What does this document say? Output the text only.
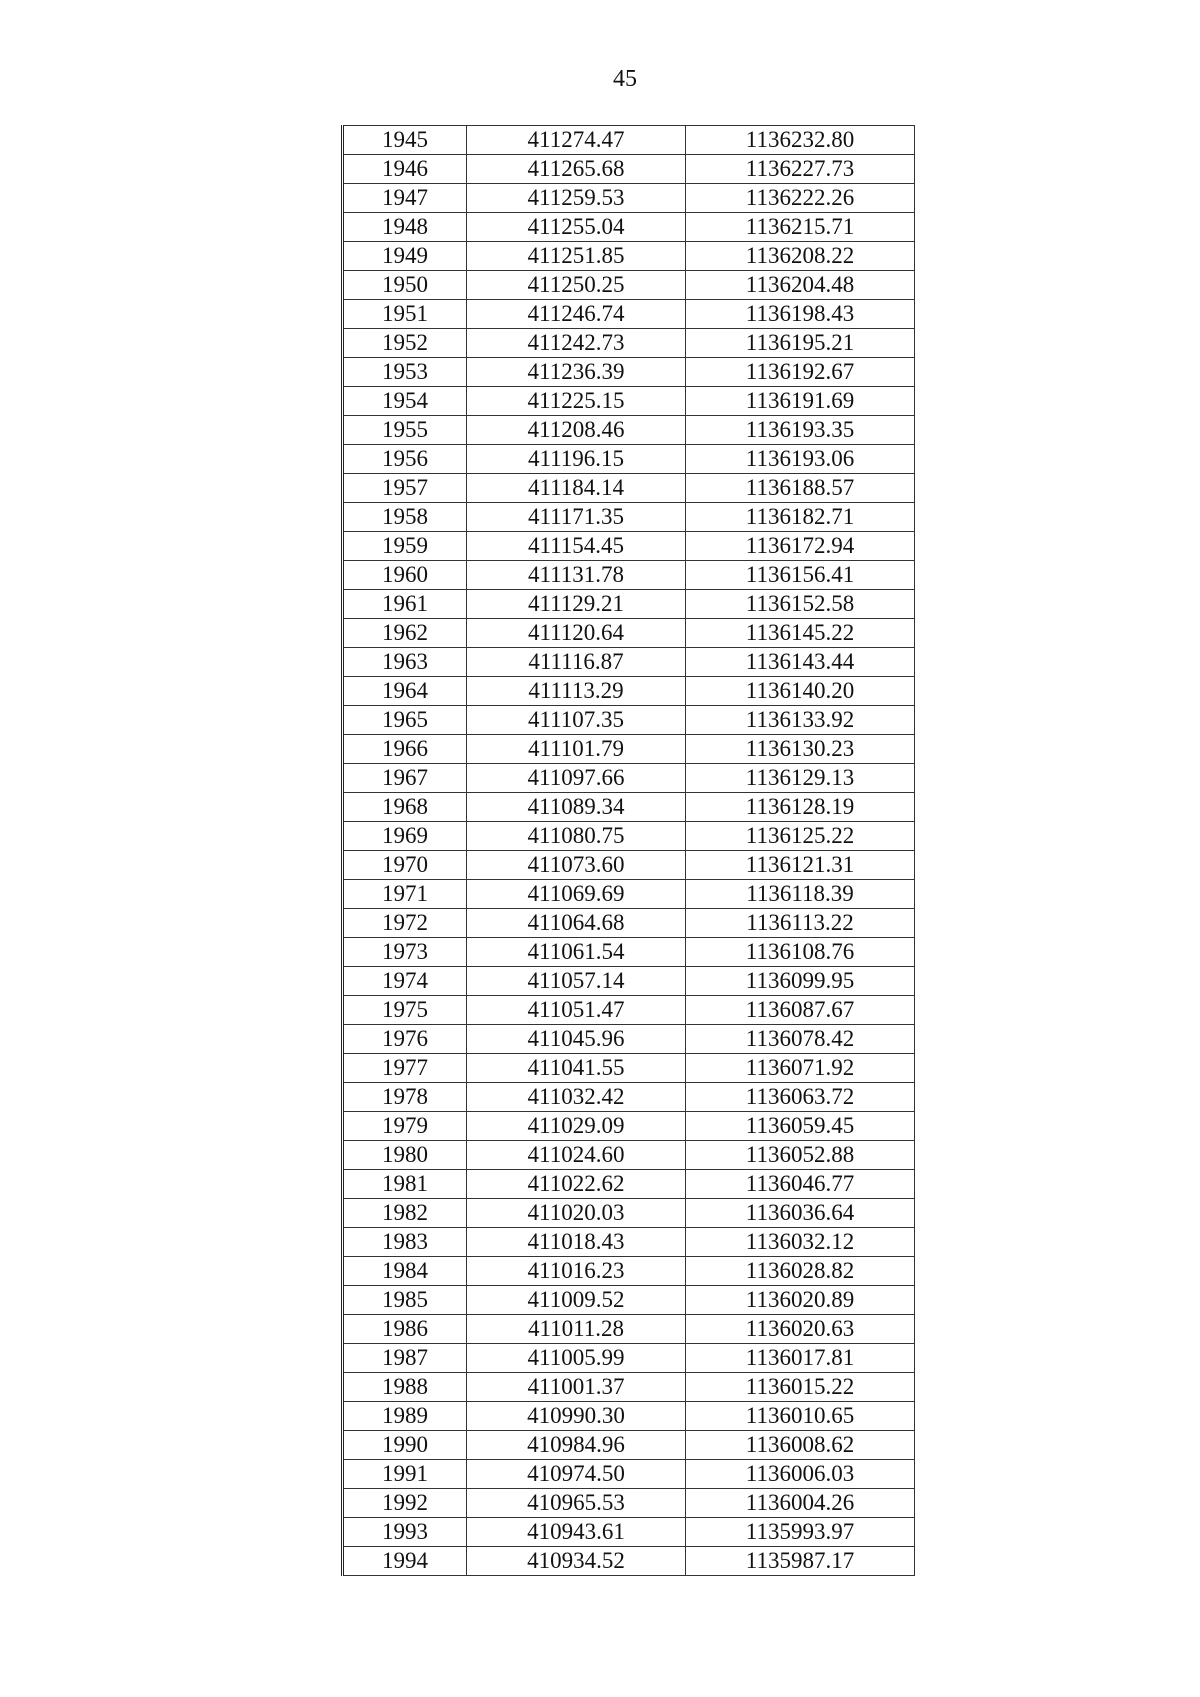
45
1945	411274.47	1136232.80
1946	411265.68	1136227.73
1947	411259.53	1136222.26
1948	411255.04	1136215.71
1949	411251.85	1136208.22
1950	411250.25	1136204.48
1951	411246.74	1136198.43
1952	411242.73	1136195.21
1953	411236.39	1136192.67
1954	411225.15	1136191.69
1955	411208.46	1136193.35
1956	411196.15	1136193.06
1957	411184.14	1136188.57
1958	411171.35	1136182.71
1959	411154.45	1136172.94
1960	411131.78	1136156.41
1961	411129.21	1136152.58
1962	411120.64	1136145.22
1963	411116.87	1136143.44
1964	411113.29	1136140.20
1965	411107.35	1136133.92
1966	411101.79	1136130.23
1967	411097.66	1136129.13
1968	411089.34	1136128.19
1969	411080.75	1136125.22
1970	411073.60	1136121.31
1971	411069.69	1136118.39
1972	411064.68	1136113.22
1973	411061.54	1136108.76
1974	411057.14	1136099.95
1975	411051.47	1136087.67
1976	411045.96	1136078.42
1977	411041.55	1136071.92
1978	411032.42	1136063.72
1979	411029.09	1136059.45
1980	411024.60	1136052.88
1981	411022.62	1136046.77
1982	411020.03	1136036.64
1983	411018.43	1136032.12
1984	411016.23	1136028.82
1985	411009.52	1136020.89
1986	411011.28	1136020.63
1987	411005.99	1136017.81
1988	411001.37	1136015.22
1989	410990.30	1136010.65
1990	410984.96	1136008.62
1991	410974.50	1136006.03
1992	410965.53	1136004.26
1993	410943.61	1135993.97
1994	410934.52	1135987.17
